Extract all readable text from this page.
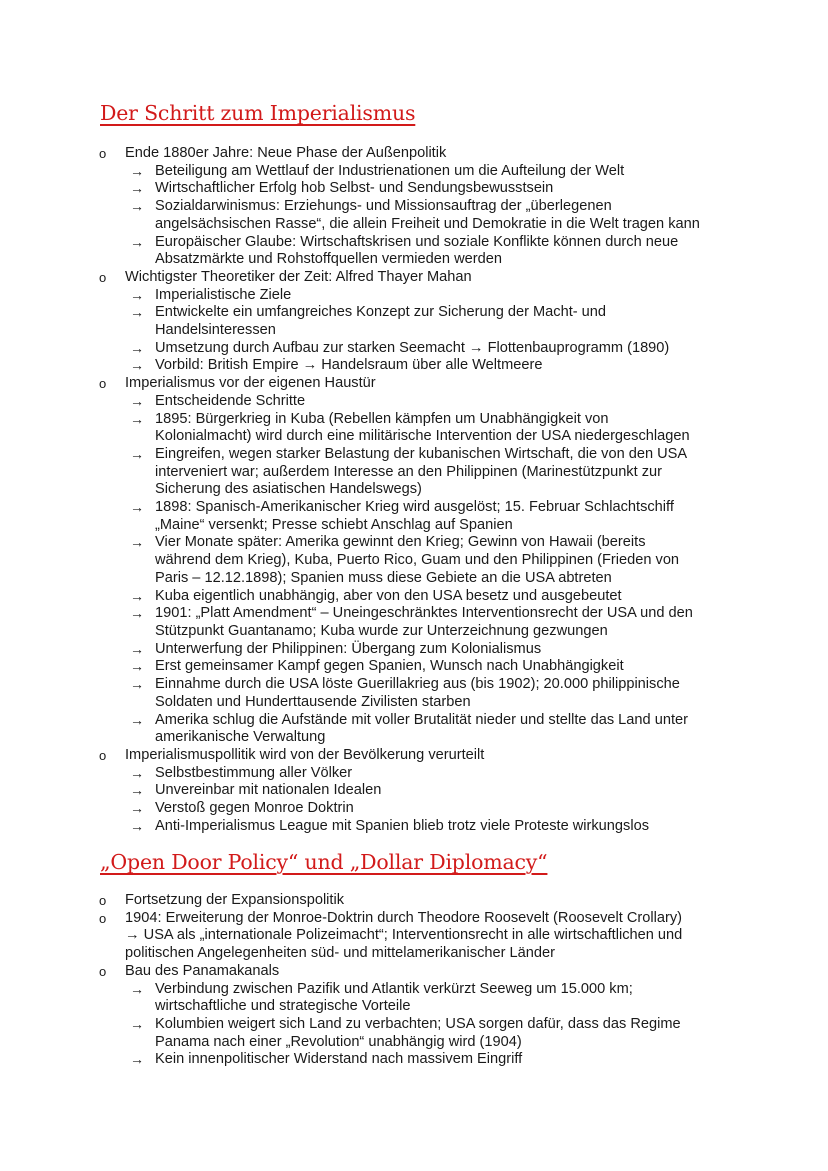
Der Schritt zum Imperialismus
o Ende 1880er Jahre: Neue Phase der Außenpolitik
→ Beteiligung am Wettlauf der Industrienationen um die Aufteilung der Welt
→ Wirtschaftlicher Erfolg hob Selbst- und Sendungsbewusstsein
→ Sozialdarwinismus: Erziehungs- und Missionsauftrag der „überlegenen
angelsächsischen Rasse“, die allein Freiheit und Demokratie in die Welt tragen kann
→ Europäischer Glaube: Wirtschaftskrisen und soziale Konflikte können durch neue
Absatzmärkte und Rohstoffquellen vermieden werden
o Wichtigster Theoretiker der Zeit: Alfred Thayer Mahan
→ Imperialistische Ziele
→ Entwickelte ein umfangreiches Konzept zur Sicherung der Macht- und
Handelsinteressen
→ Umsetzung durch Aufbau zur starken Seemacht → Flottenbauprogramm (1890)
→ Vorbild: British Empire → Handelsraum über alle Weltmeere
o Imperialismus vor der eigenen Haustür
→ Entscheidende Schritte
→ 1895: Bürgerkrieg in Kuba (Rebellen kämpfen um Unabhängigkeit von
Kolonialmacht) wird durch eine militärische Intervention der USA niedergeschlagen
→ Eingreifen, wegen starker Belastung der kubanischen Wirtschaft, die von den USA
interveniert war; außerdem Interesse an den Philippinen (Marinestützpunkt zur
Sicherung des asiatischen Handelswegs)
→ 1898: Spanisch-Amerikanischer Krieg wird ausgelöst; 15. Februar Schlachtschiff
„Maine“ versenkt; Presse schiebt Anschlag auf Spanien
→ Vier Monate später: Amerika gewinnt den Krieg; Gewinn von Hawaii (bereits
während dem Krieg), Kuba, Puerto Rico, Guam und den Philippinen (Frieden von
Paris – 12.12.1898); Spanien muss diese Gebiete an die USA abtreten
→ Kuba eigentlich unabhängig, aber von den USA besetz und ausgebeutet
→ 1901: „Platt Amendment“ – Uneingeschränktes Interventionsrecht der USA und den
Stützpunkt Guantanamo; Kuba wurde zur Unterzeichnung gezwungen
→ Unterwerfung der Philippinen: Übergang zum Kolonialismus
→ Erst gemeinsamer Kampf gegen Spanien, Wunsch nach Unabhängigkeit
→ Einnahme durch die USA löste Guerillakrieg aus (bis 1902); 20.000 philippinische
Soldaten und Hunderttausende Zivilisten starben
→ Amerika schlug die Aufstände mit voller Brutalität nieder und stellte das Land unter
amerikanische Verwaltung
o Imperialismuspollitik wird von der Bevölkerung verurteilt
→ Selbstbestimmung aller Völker
→ Unvereinbar mit nationalen Idealen
→ Verstoß gegen Monroe Doktrin
→ Anti-Imperialismus League mit Spanien blieb trotz viele Proteste wirkungslos
„Open Door Policy“ und „Dollar Diplomacy“
o Fortsetzung der Expansionspolitik
o 1904: Erweiterung der Monroe-Doktrin durch Theodore Roosevelt (Roosevelt Crollary)
→ USA als „internationale Polizeimacht“; Interventionsrecht in alle wirtschaftlichen und
politischen Angelegenheiten süd- und mittelamerikanischer Länder
o Bau des Panamakanals
→ Verbindung zwischen Pazifik und Atlantik verkürzt Seeweg um 15.000 km;
wirtschaftliche und strategische Vorteile
→ Kolumbien weigert sich Land zu verbachten; USA sorgen dafür, dass das Regime
Panama nach einer „Revolution“ unabhängig wird (1904)
→ Kein innenpolitischer Widerstand nach massivem Eingriff
